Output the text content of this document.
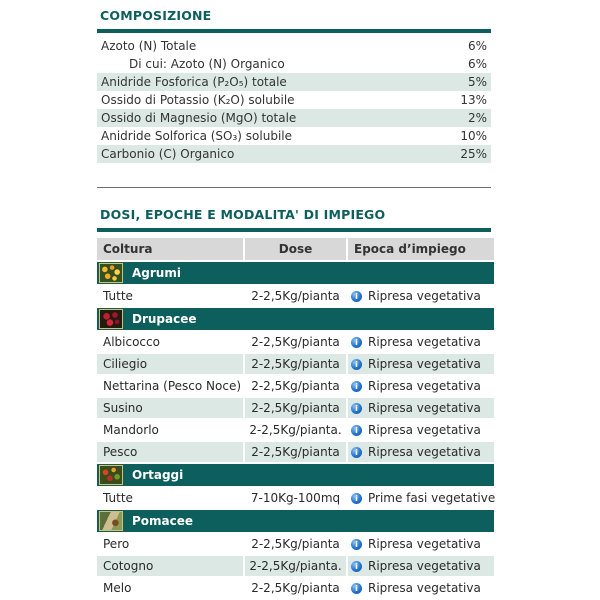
COMPOSIZIONE
Azoto (N) Totale	6%
Di cui: Azoto (N) Organico	6%
Anidride Fosforica (P₂O₅) totale	5%
Ossido di Potassio (K₂O) solubile	13%
Ossido di Magnesio (MgO) totale	2%
Anidride Solforica (SO₃) solubile	10%
Carbonio (C) Organico	25%
DOSI, EPOCHE E MODALITA' DI IMPIEGO
Coltura	Dose	Epoca d’impiego

Agrumi		

Tutte	2-2,5Kg/pianta	i Ripresa vegetativa

Drupacee		

Albicocco	2-2,5Kg/pianta	i Ripresa vegetativa

Ciliegio	2-2,5Kg/pianta	i Ripresa vegetativa

Nettarina (Pesco Noce)	2-2,5Kg/pianta	i Ripresa vegetativa

Susino	2-2,5Kg/pianta	i Ripresa vegetativa

Mandorlo	2-2,5Kg/pianta.	i Ripresa vegetativa

Pesco	2-2,5Kg/pianta	i Ripresa vegetativa

Ortaggi		

Tutte	7-10Kg-100mq	i Prime fasi vegetative

Pomacee		

Pero	2-2,5Kg/pianta	i Ripresa vegetativa

Cotogno	2-2,5Kg/pianta.	i Ripresa vegetativa

Melo	2-2,5Kg/pianta	i Ripresa vegetativa
